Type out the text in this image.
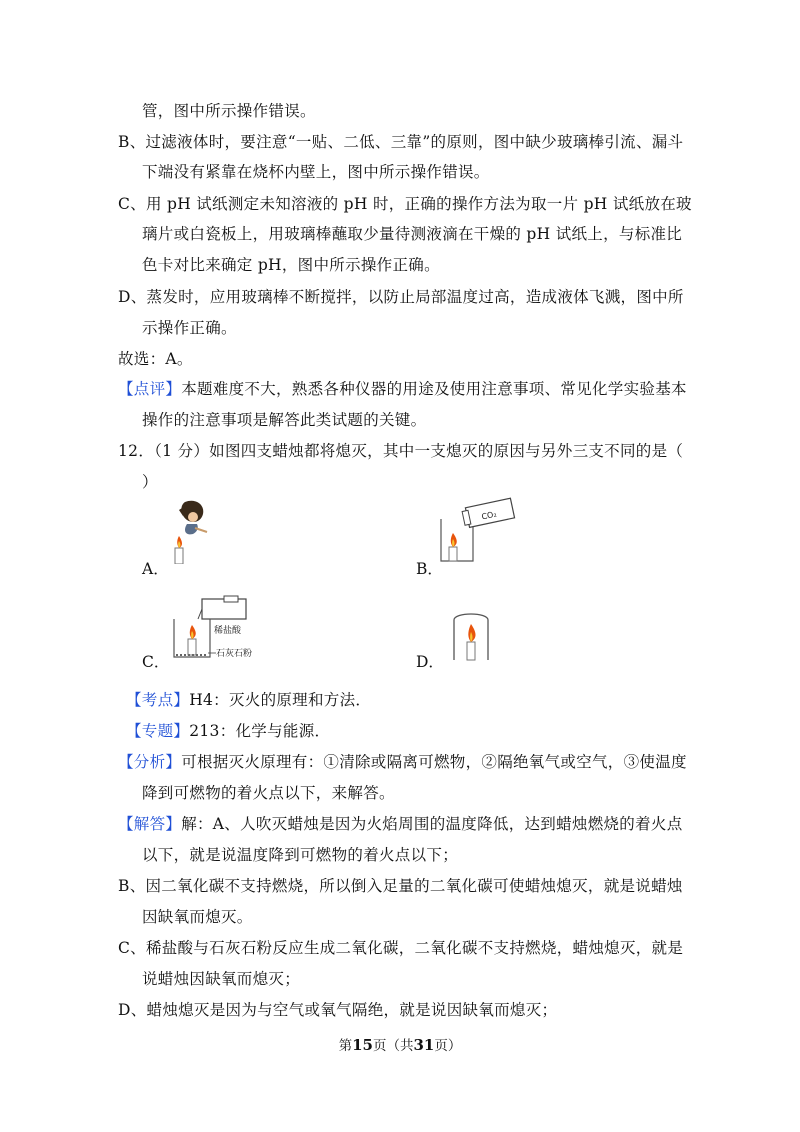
管，图中所示操作错误。
B、过滤液体时，要注意“一贴、二低、三靠”的原则，图中缺少玻璃棒引流、漏斗
下端没有紧靠在烧杯内壁上，图中所示操作错误。
C、用 pH 试纸测定未知溶液的 pH 时，正确的操作方法为取一片 pH 试纸放在玻
璃片或白瓷板上，用玻璃棒蘸取少量待测液滴在干燥的 pH 试纸上，与标准比
色卡对比来确定 pH，图中所示操作正确。
D、蒸发时，应用玻璃棒不断搅拌，以防止局部温度过高，造成液体飞溅，图中所
示操作正确。
故选：A。
【点评】本题难度不大，熟悉各种仪器的用途及使用注意事项、常见化学实验基本
操作的注意事项是解答此类试题的关键。
12．（1 分）如图四支蜡烛都将熄灭，其中一支熄灭的原因与另外三支不同的是（
）
A．
CO₂
B．
稀盐酸
石灰石粉
C．	D．
【考点】H4：灭火的原理和方法．
【专题】213：化学与能源．
【分析】可根据灭火原理有：①清除或隔离可燃物，②隔绝氧气或空气，③使温度
降到可燃物的着火点以下，来解答。
【解答】解：A、人吹灭蜡烛是因为火焰周围的温度降低，达到蜡烛燃烧的着火点
以下，就是说温度降到可燃物的着火点以下；
B、因二氧化碳不支持燃烧，所以倒入足量的二氧化碳可使蜡烛熄灭，就是说蜡烛
因缺氧而熄灭。
C、稀盐酸与石灰石粉反应生成二氧化碳，二氧化碳不支持燃烧，蜡烛熄灭，就是
说蜡烛因缺氧而熄灭；
D、蜡烛熄灭是因为与空气或氧气隔绝，就是说因缺氧而熄灭；
第15页（共31页）
